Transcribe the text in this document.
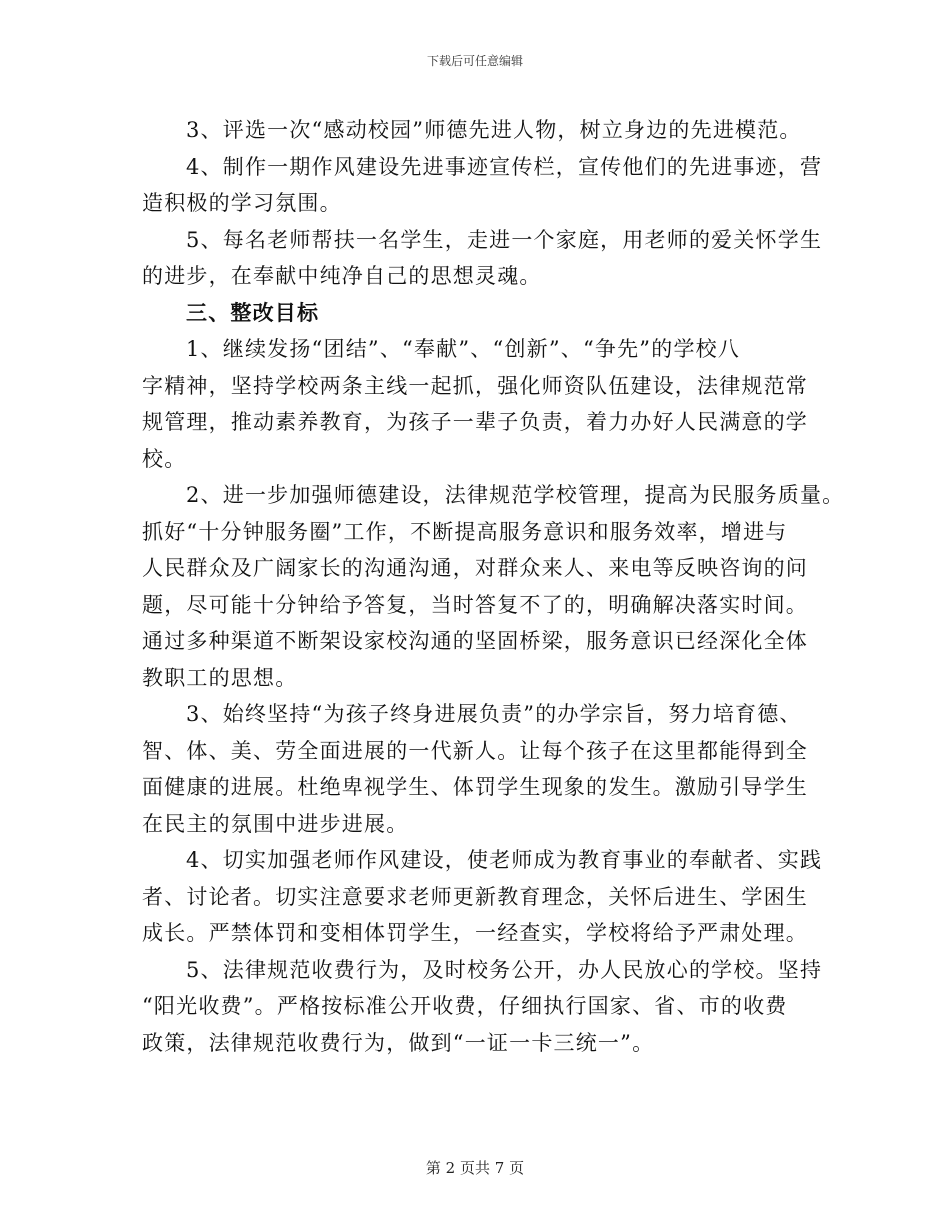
下载后可任意编辑
3、评选一次“感动校园”师德先进人物，树立身边的先进模范。
4、制作一期作风建设先进事迹宣传栏，宣传他们的先进事迹，营
造积极的学习氛围。
5、每名老师帮扶一名学生，走进一个家庭，用老师的爱关怀学生
的进步，在奉献中纯净自己的思想灵魂。
三、整改目标
1、继续发扬“团结”、“奉献”、“创新”、“争先”的学校八
字精神，坚持学校两条主线一起抓，强化师资队伍建设，法律规范常
规管理，推动素养教育，为孩子一辈子负责，着力办好人民满意的学
校。
2、进一步加强师德建设，法律规范学校管理，提高为民服务质量。
抓好“十分钟服务圈”工作，不断提高服务意识和服务效率，增进与
人民群众及广阔家长的沟通沟通，对群众来人、来电等反映咨询的问
题，尽可能十分钟给予答复，当时答复不了的，明确解决落实时间。
通过多种渠道不断架设家校沟通的坚固桥梁，服务意识已经深化全体
教职工的思想。
3、始终坚持“为孩子终身进展负责”的办学宗旨，努力培育德、
智、体、美、劳全面进展的一代新人。让每个孩子在这里都能得到全
面健康的进展。杜绝卑视学生、体罚学生现象的发生。激励引导学生
在民主的氛围中进步进展。
4、切实加强老师作风建设，使老师成为教育事业的奉献者、实践
者、讨论者。切实注意要求老师更新教育理念，关怀后进生、学困生
成长。严禁体罚和变相体罚学生，一经查实，学校将给予严肃处理。
5、法律规范收费行为，及时校务公开，办人民放心的学校。坚持
“阳光收费”。严格按标准公开收费，仔细执行国家、省、市的收费
政策，法律规范收费行为，做到“一证一卡三统一”。
第 2 页共 7 页
